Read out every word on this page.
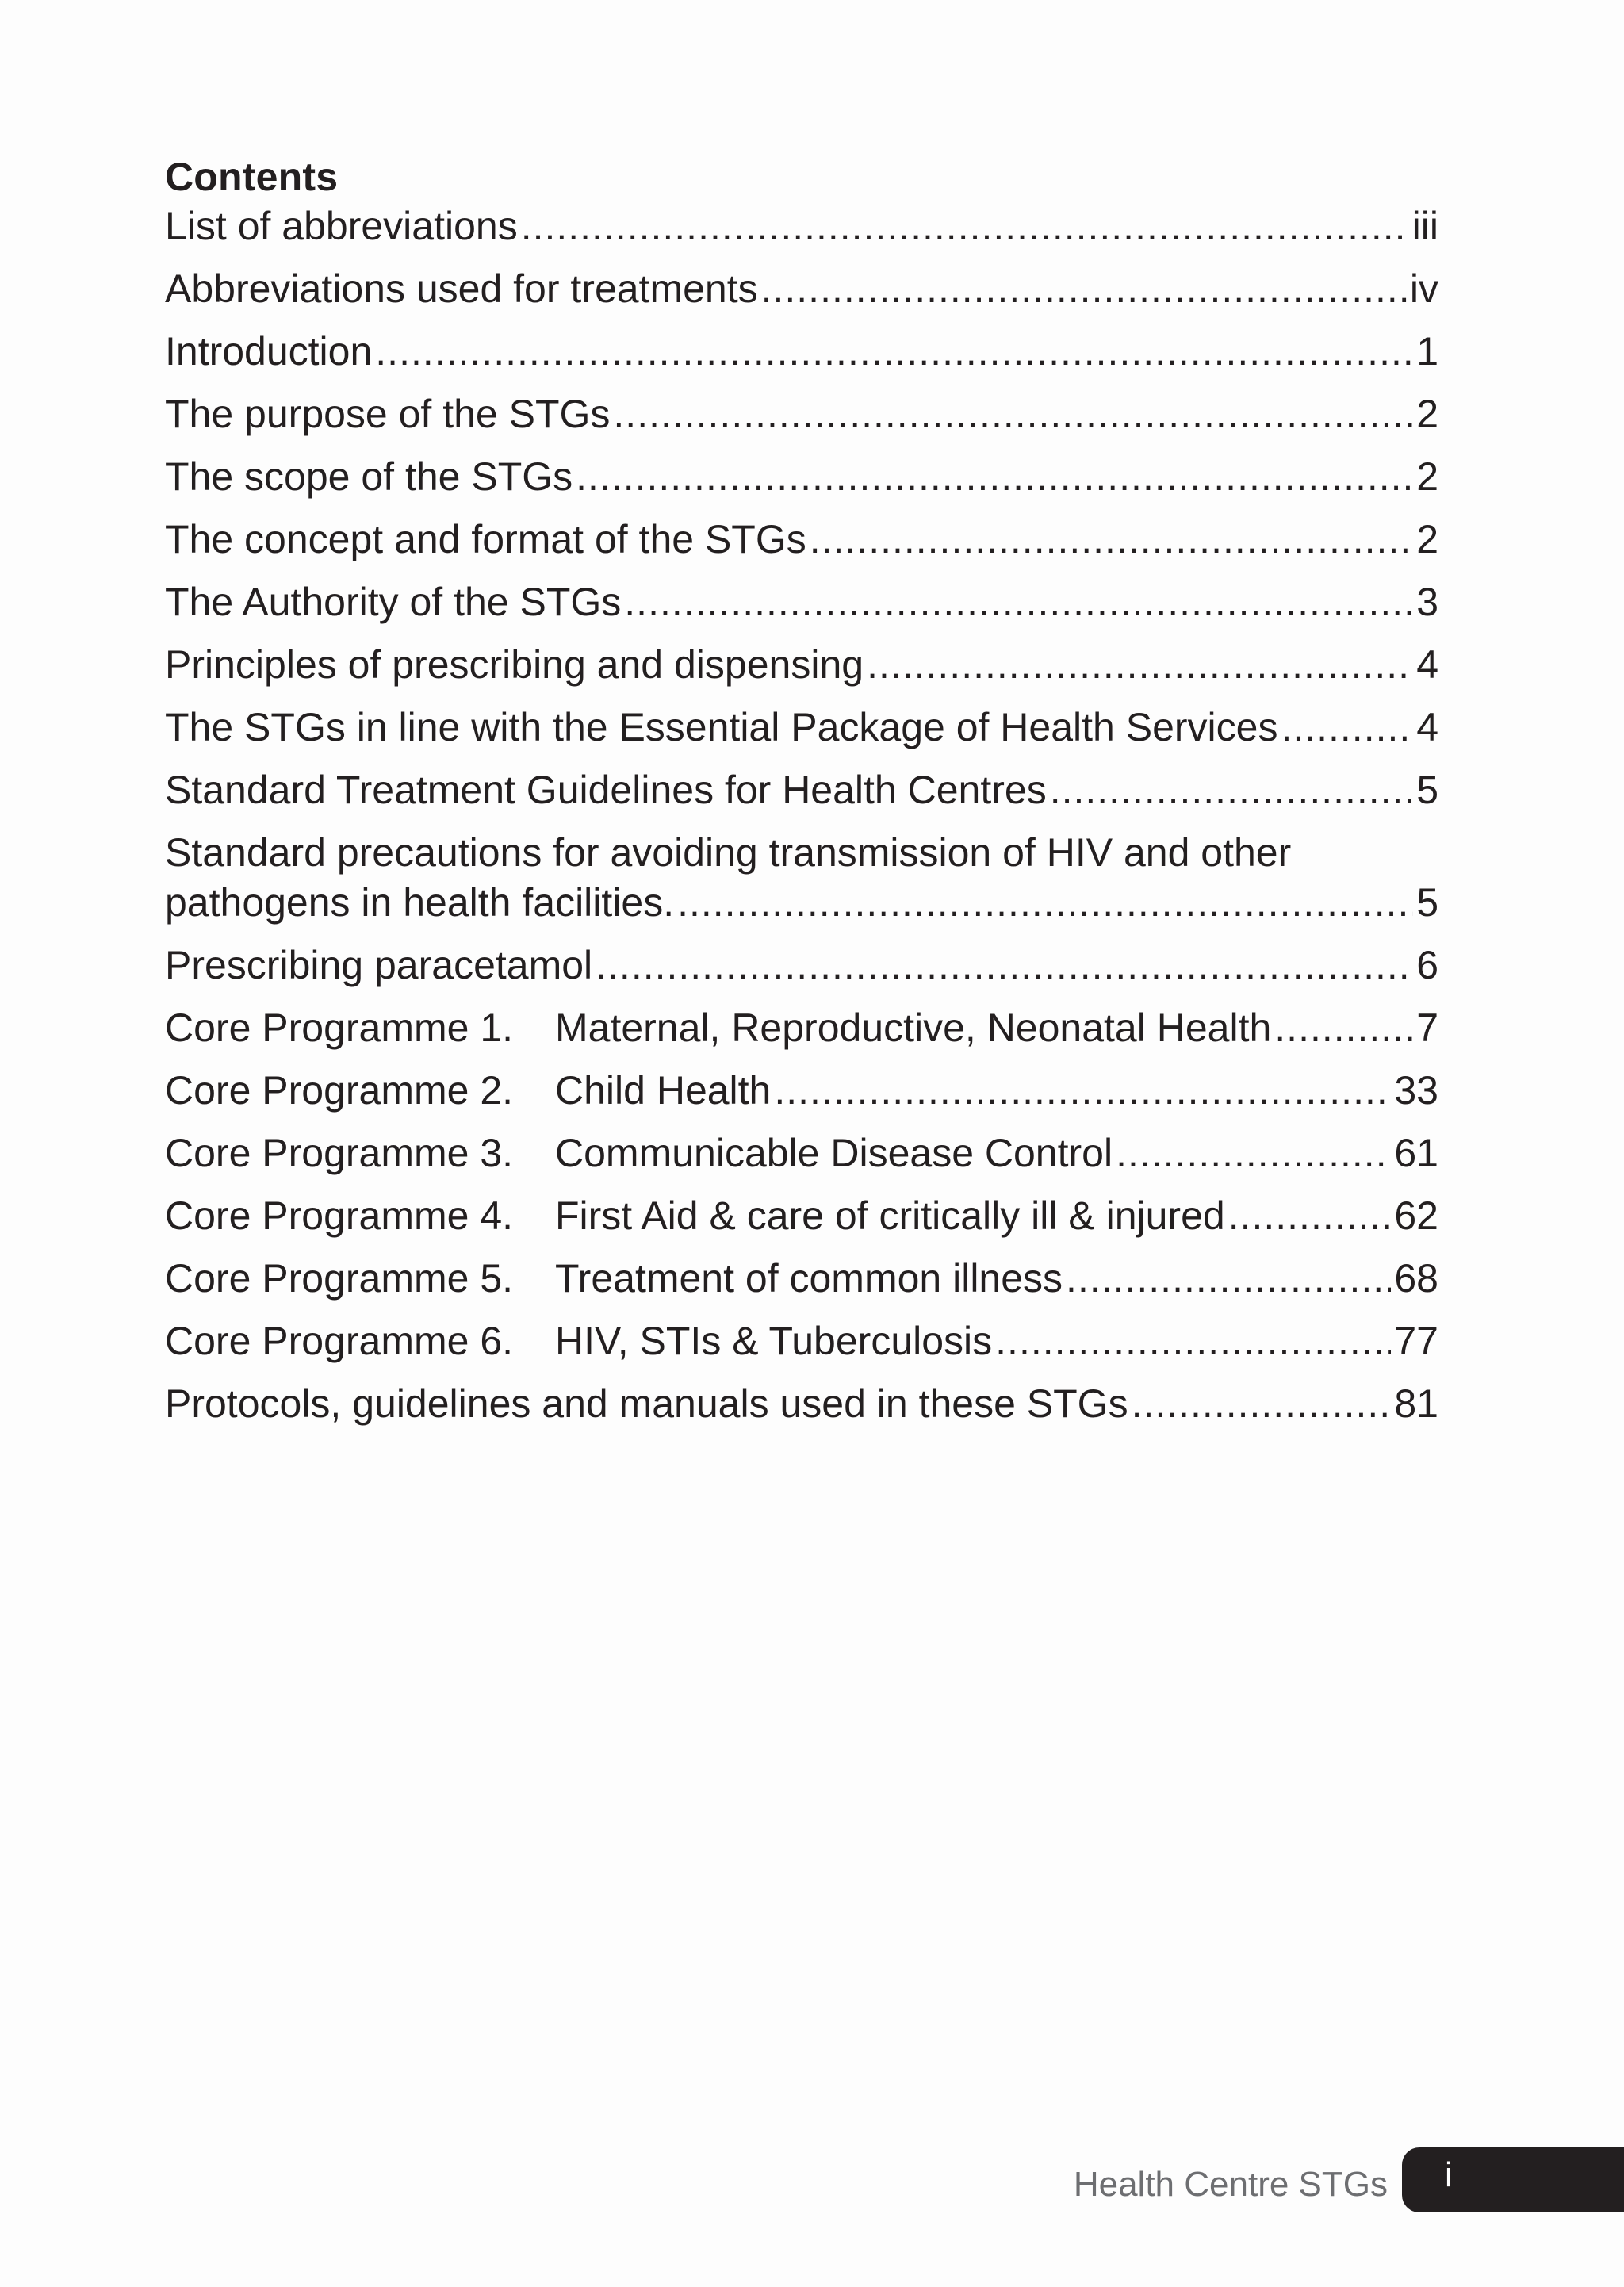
Contents
List of abbreviations .....	iii
Abbreviations used for treatments .....	iv
Introduction .....	1
The purpose of the STGs .....	2
The scope of the STGs .....	2
The concept and format of the STGs .....	2
The Authority of the STGs .....	3
Principles of prescribing and dispensing .....	4
The STGs in line with the Essential Package of Health Services .....	4
Standard Treatment Guidelines for Health Centres .....	5
Standard precautions for avoiding transmission of HIV and other
pathogens in health facilities. .....	5
Prescribing paracetamol .....	6
Core Programme 1.	Maternal, Reproductive, Neonatal Health .....	7
Core Programme 2.	Child Health .....	33
Core Programme 3.	Communicable Disease Control .....	61
Core Programme 4.	First Aid & care of critically ill & injured .....	62
Core Programme 5.	Treatment of common illness .....	68
Core Programme 6.	HIV, STIs & Tuberculosis .....	77
Protocols, guidelines and manuals used in these STGs .....	81
Health Centre STGs i
